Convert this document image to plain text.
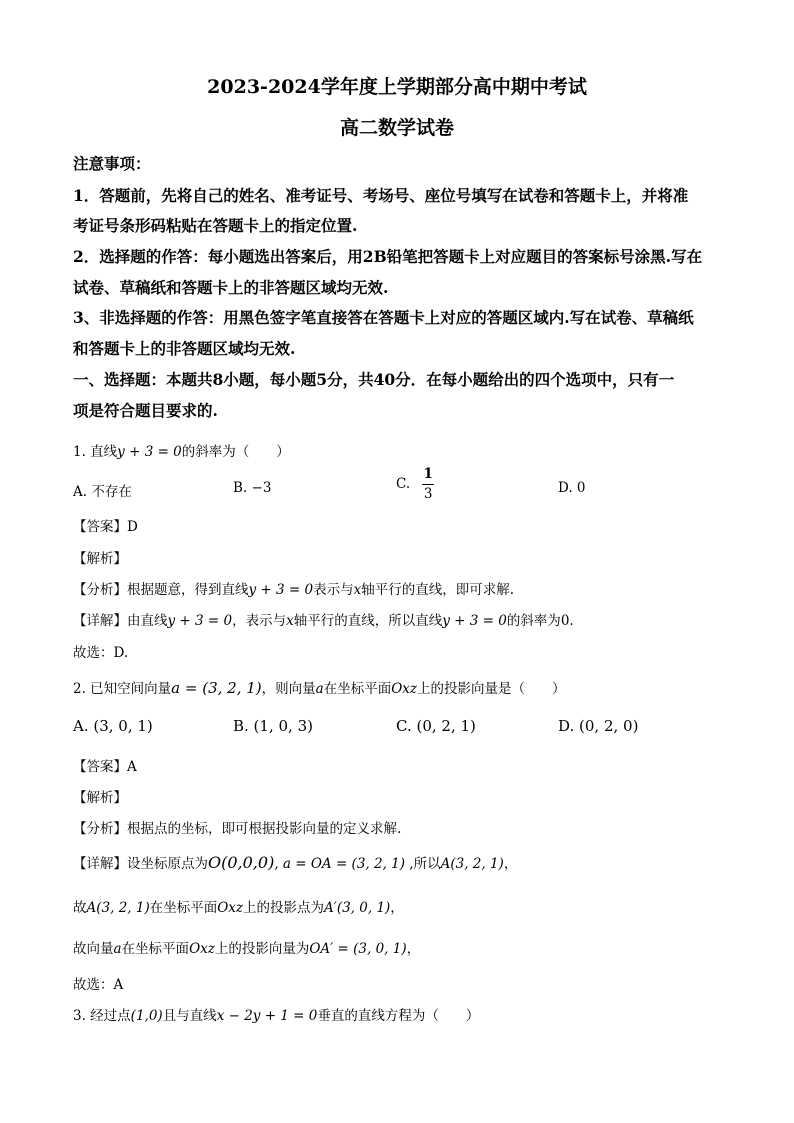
2023-2024学年度上学期部分高中期中考试
高二数学试卷
注意事项：
1．答题前，先将自己的姓名、准考证号、考场号、座位号填写在试卷和答题卡上，并将准
考证号条形码粘贴在答题卡上的指定位置.
2．选择题的作答：每小题选出答案后，用2B铅笔把答题卡上对应题目的答案标号涂黑.写在
试卷、草稿纸和答题卡上的非答题区域均无效.
3、非选择题的作答：用黑色签字笔直接答在答题卡上对应的答题区域内.写在试卷、草稿纸
和答题卡上的非答题区域均无效.
一、选择题：本题共8小题，每小题5分，共40分．在每小题给出的四个选项中，只有一
项是符合题目要求的.
1. 直线y + 3 = 0的斜率为（　　）
A. 不存在	B. −3	C. $\frac{1}{3}$	D. 0
【答案】D
【解析】
【分析】根据题意，得到直线y + 3 = 0表示与x轴平行的直线，即可求解.
【详解】由直线y + 3 = 0，表示与x轴平行的直线，所以直线y + 3 = 0的斜率为0.
故选：D.
2. 已知空间向量a = (3, 2, 1)，则向量a在坐标平面Oxz上的投影向量是（　　）
A. (3, 0, 1)	B. (1, 0, 3)	C. (0, 2, 1)	D. (0, 2, 0)
【答案】A
【解析】
【分析】根据点的坐标，即可根据投影向量的定义求解.
【详解】设坐标原点为O(0,0,0), a = OA = (3, 2, 1) ,所以A(3, 2, 1)，
故A(3, 2, 1)在坐标平面Oxz上的投影点为A′(3, 0, 1)，
故向量a在坐标平面Oxz上的投影向量为OA′ = (3, 0, 1)，
故选：A
3. 经过点(1,0)且与直线x − 2y + 1 = 0垂直的直线方程为（　　）
